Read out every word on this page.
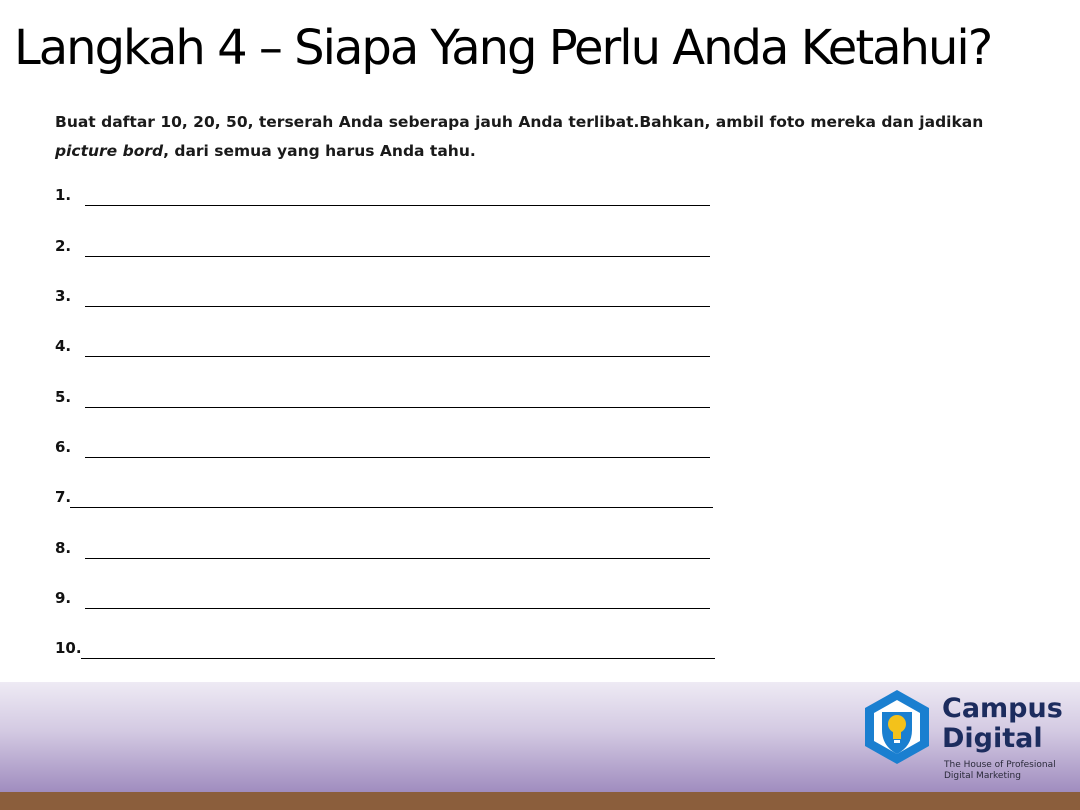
Langkah 4 – Siapa Yang Perlu Anda Ketahui?
Buat daftar 10, 20, 50, terserah Anda seberapa jauh Anda terlibat.Bahkan, ambil foto mereka dan jadikan picture bord, dari semua yang harus Anda tahu.
1.
2.
3.
4.
5.
6.
7.
8.
9.
10.
Campus
Digital
The House of Profesional
Digital Marketing
